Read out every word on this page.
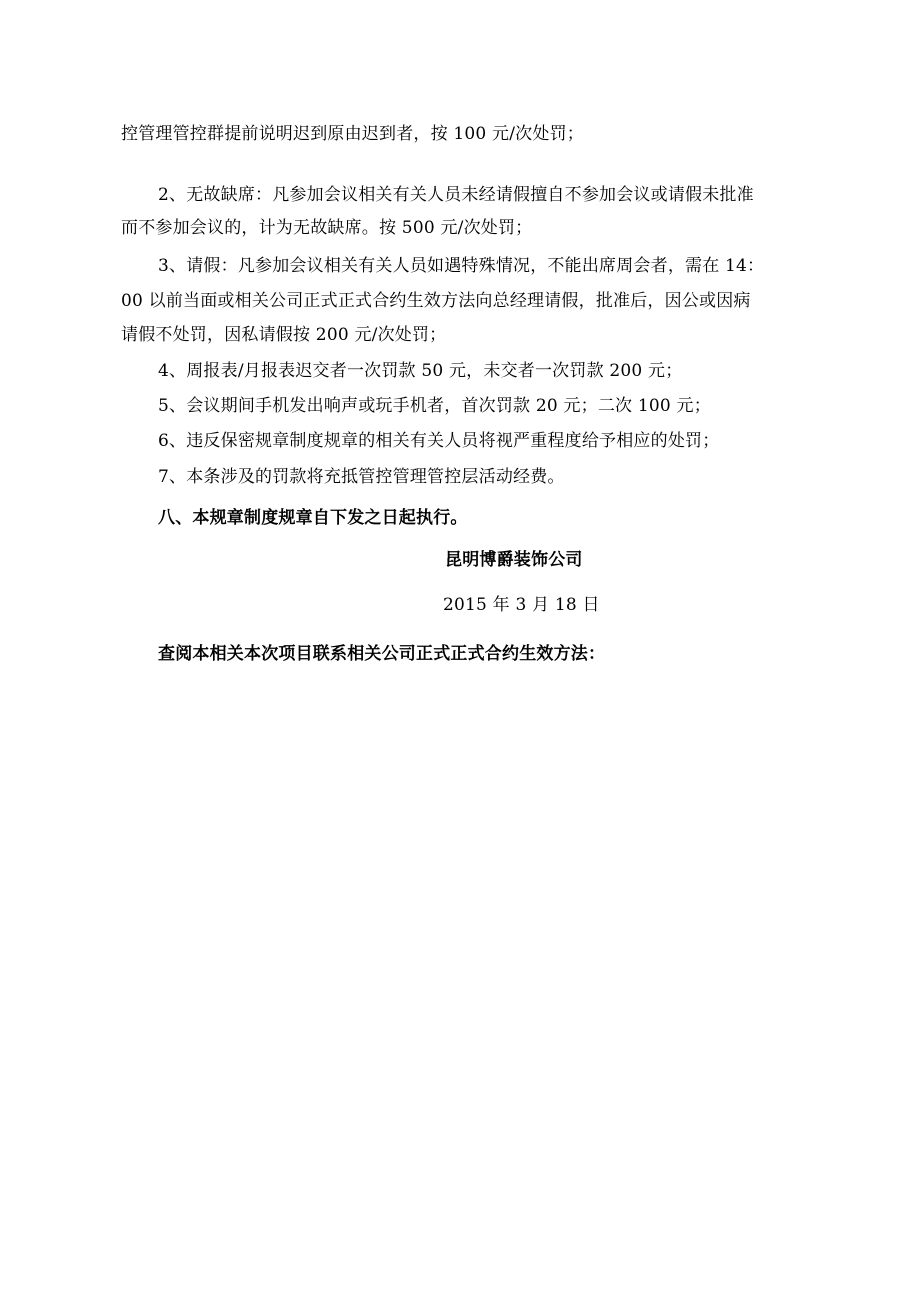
控管理管控群提前说明迟到原由迟到者，按 100 元/次处罚；
2、无故缺席：凡参加会议相关有关人员未经请假擅自不参加会议或请假未批准
而不参加会议的，计为无故缺席。按 500 元/次处罚；
3、请假：凡参加会议相关有关人员如遇特殊情况，不能出席周会者，需在 14：
00 以前当面或相关公司正式正式合约生效方法向总经理请假，批准后，因公或因病
请假不处罚，因私请假按 200 元/次处罚；
4、周报表/月报表迟交者一次罚款 50 元，未交者一次罚款 200 元；
5、会议期间手机发出响声或玩手机者，首次罚款 20 元；二次 100 元；
6、违反保密规章制度规章的相关有关人员将视严重程度给予相应的处罚；
7、本条涉及的罚款将充抵管控管理管控层活动经费。
八、本规章制度规章自下发之日起执行。
昆明博爵装饰公司
2015 年 3 月 18 日
查阅本相关本次项目联系相关公司正式正式合约生效方法：
